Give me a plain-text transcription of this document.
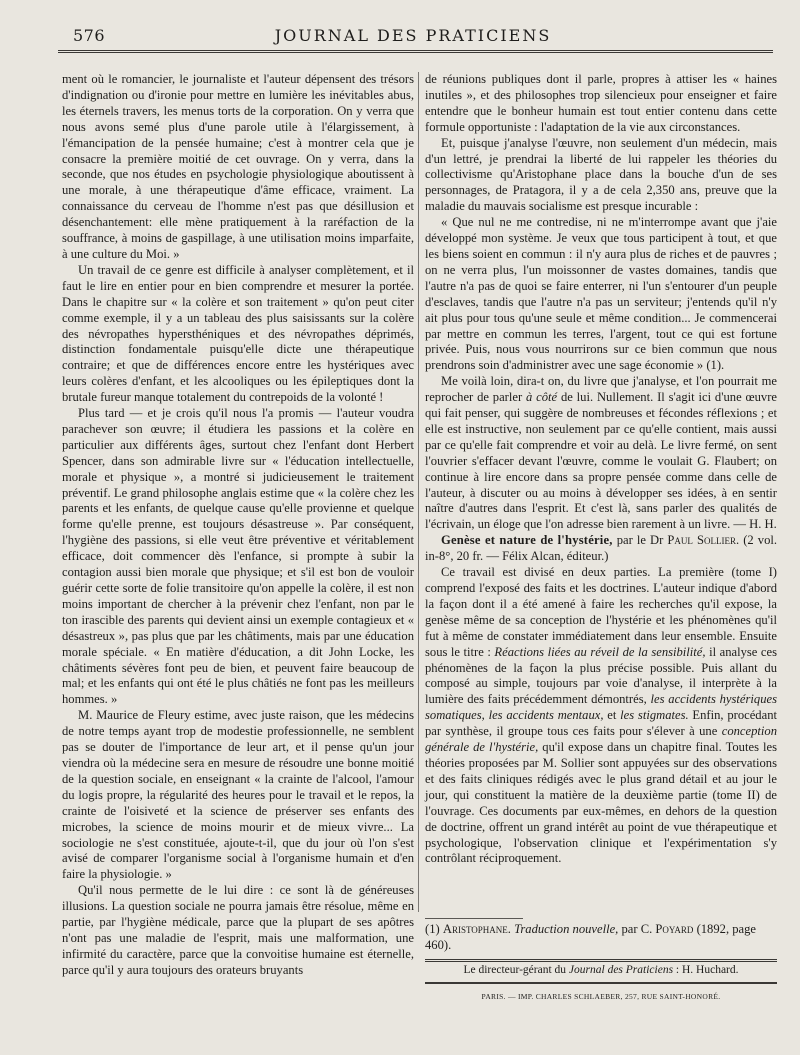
576	JOURNAL DES PRATICIENS

ment où le romancier, le journaliste et l'auteur dépensent des trésors d'indignation ou d'ironie pour mettre en lumière les inévitables abus, les éternels travers, les menus torts de la corporation. On y verra que nous avons semé plus d'une parole utile à l'élargissement, à l'émancipation de la pensée humaine; c'est à montrer cela que je consacre la première moitié de cet ouvrage. On y verra, dans la seconde, que nos études en psychologie physiologique aboutissent à une morale, à une thérapeutique d'âme efficace, vraiment. La connaissance du cerveau de l'homme n'est pas que désillusion et désenchantement: elle mène pratiquement à la raréfaction de la souffrance, à moins de gaspillage, à une utilisation moins imparfaite, à une culture du Moi. »

Un travail de ce genre est difficile à analyser complètement, et il faut le lire en entier pour en bien comprendre et mesurer la portée. Dans le chapitre sur « la colère et son traitement » qu'on peut citer comme exemple, il y a un tableau des plus saisissants sur la colère des névropathes hypersthéniques et des névropathes déprimés, distinction fondamentale puisqu'elle dicte une thérapeutique contraire; et que de différences encore entre les hystériques avec leurs colères d'enfant, et les alcooliques ou les épileptiques dont la brutale fureur manque totalement du contrepoids de la volonté !

Plus tard — et je crois qu'il nous l'a promis — l'auteur voudra parachever son œuvre; il étudiera les passions et la colère en particulier aux différents âges, surtout chez l'enfant dont Herbert Spencer, dans son admirable livre sur « l'éducation intellectuelle, morale et physique », a montré si judicieusement le traitement préventif. Le grand philosophe anglais estime que « la colère chez les parents et les enfants, de quelque cause qu'elle provienne et quelque forme qu'elle prenne, est toujours désastreuse ». Par conséquent, l'hygiène des passions, si elle veut être préventive et véritablement efficace, doit commencer dès l'enfance, si prompte à subir la contagion aussi bien morale que physique; et s'il est bon de vouloir guérir cette sorte de folie transitoire qu'on appelle la colère, il est non moins important de chercher à la prévenir chez l'enfant, non par le ton irascible des parents qui devient ainsi un exemple contagieux et « désastreux », pas plus que par les châtiments, mais par une éducation morale spéciale. « En matière d'éducation, a dit John Locke, les châtiments sévères font peu de bien, et peuvent faire beaucoup de mal; et les enfants qui ont été le plus châtiés ne font pas les meilleurs hommes. »

M. Maurice de Fleury estime, avec juste raison, que les médecins de notre temps ayant trop de modestie professionnelle, ne semblent pas se douter de l'importance de leur art, et il pense qu'un jour viendra où la médecine sera en mesure de résoudre une bonne moitié de la question sociale, en enseignant « la crainte de l'alcool, l'amour du logis propre, la régularité des heures pour le travail et le repos, la crainte de l'oisiveté et la science de préserver ses enfants des microbes, la science de moins mourir et de mieux vivre... La sociologie ne s'est constituée, ajoute-t-il, que du jour où l'on s'est avisé de comparer l'organisme social à l'organisme humain et d'en faire la physiologie. »

Qu'il nous permette de le lui dire : ce sont là de généreuses illusions. La question sociale ne pourra jamais être résolue, même en partie, par l'hygiène médicale, parce que la plupart de ses apôtres n'ont pas une maladie de l'esprit, mais une malformation, une infirmité du caractère, parce que la convoitise humaine est éternelle, parce qu'il y aura toujours des orateurs bruyants

de réunions publiques dont il parle, propres à attiser les « haines inutiles », et des philosophes trop silencieux pour enseigner et faire entendre que le bonheur humain est tout entier contenu dans cette formule opportuniste : l'adaptation de la vie aux circonstances.

Et, puisque j'analyse l'œuvre, non seulement d'un médecin, mais d'un lettré, je prendrai la liberté de lui rappeler les théories du collectivisme qu'Aristophane place dans la bouche d'un de ses personnages, de Pratagora, il y a de cela 2,350 ans, preuve que la maladie du mauvais socialisme est presque incurable :

« Que nul ne me contredise, ni ne m'interrompe avant que j'aie développé mon système. Je veux que tous participent à tout, et que les biens soient en commun : il n'y aura plus de riches et de pauvres ; on ne verra plus, l'un moissonner de vastes domaines, tandis que l'autre n'a pas de quoi se faire enterrer, ni l'un s'entourer d'un peuple d'esclaves, tandis que l'autre n'a pas un serviteur; j'entends qu'il n'y ait plus pour tous qu'une seule et même condition... Je commencerai par mettre en commun les terres, l'argent, tout ce qui est fortune privée. Puis, nous vous nourrirons sur ce bien commun que nous prendrons soin d'administrer avec une sage économie » (1).

Me voilà loin, dira-t on, du livre que j'analyse, et l'on pourrait me reprocher de parler à côté de lui. Nullement. Il s'agit ici d'une œuvre qui fait penser, qui suggère de nombreuses et fécondes réflexions ; et elle est instructive, non seulement par ce qu'elle contient, mais aussi par ce qu'elle fait comprendre et voir au delà. Le livre fermé, on sent l'ouvrier s'effacer devant l'œuvre, comme le voulait G. Flaubert; on continue à lire encore dans sa propre pensée comme dans celle de l'auteur, à discuter ou au moins à développer ses idées, à en sentir naître d'autres dans l'esprit. Et c'est là, sans parler des qualités de l'écrivain, un éloge que l'on adresse bien rarement à un livre. — H. H.

Genèse et nature de l'hystérie, par le Dr Paul Sollier. (2 vol. in-8°, 20 fr. — Félix Alcan, éditeur.)

Ce travail est divisé en deux parties. La première (tome I) comprend l'exposé des faits et les doctrines. L'auteur indique d'abord la façon dont il a été amené à faire les recherches qu'il expose, la genèse même de sa conception de l'hystérie et les phénomènes qu'il fut à même de constater immédiatement dans leur ensemble. Ensuite sous le titre : Réactions liées au réveil de la sensibilité, il analyse ces phénomènes de la façon la plus précise possible. Puis allant du composé au simple, toujours par voie d'analyse, il interprète à la lumière des faits précédemment démontrés, les accidents hystériques somatiques, les accidents mentaux, et les stigmates. Enfin, procédant par synthèse, il groupe tous ces faits pour s'élever à une conception générale de l'hystérie, qu'il expose dans un chapitre final. Toutes les théories proposées par M. Sollier sont appuyées sur des observations et des faits cliniques rédigés avec le plus grand détail et au jour le jour, qui constituent la matière de la deuxième partie (tome II) de l'ouvrage. Ces documents par eux-mêmes, en dehors de la question de doctrine, offrent un grand intérêt au point de vue thérapeutique et psychologique, l'observation clinique et l'expérimentation s'y contrôlant réciproquement.

(1) Aristophane. Traduction nouvelle, par C. Poyard (1892, page 460).
Le directeur-gérant du Journal des Praticiens : H. Huchard.
PARIS. — IMP. CHARLES SCHLAEBER, 257, RUE SAINT-HONORÉ.
